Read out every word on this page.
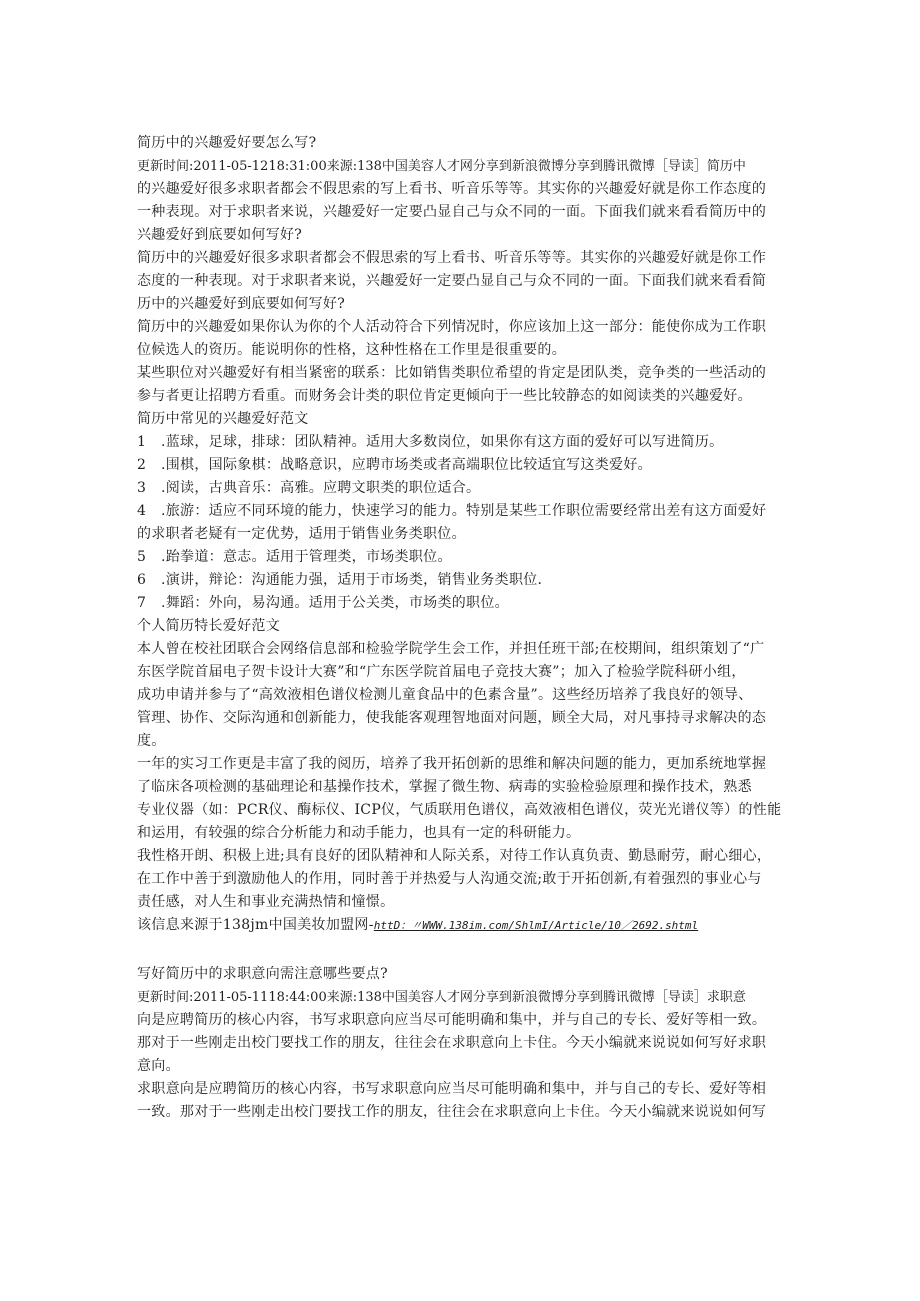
简历中的兴趣爱好要怎么写?
更新时间:2011-05-1218:31:00来源:138中国美容人才网分享到新浪微博分享到腾讯微博［导读］简历中
的兴趣爱好很多求职者都会不假思索的写上看书、听音乐等等。其实你的兴趣爱好就是你工作态度的
一种表现。对于求职者来说，兴趣爱好一定要凸显自己与众不同的一面。下面我们就来看看简历中的
兴趣爱好到底要如何写好?
简历中的兴趣爱好很多求职者都会不假思索的写上看书、听音乐等等。其实你的兴趣爱好就是你工作
态度的一种表现。对于求职者来说，兴趣爱好一定要凸显自己与众不同的一面。下面我们就来看看简
历中的兴趣爱好到底要如何写好?
简历中的兴趣爱如果你认为你的个人活动符合下列情况时，你应该加上这一部分：能使你成为工作职
位候选人的资历。能说明你的性格，这种性格在工作里是很重要的。
某些职位对兴趣爱好有相当紧密的联系：比如销售类职位希望的肯定是团队类，竞争类的一些活动的
参与者更让招聘方看重。而财务会计类的职位肯定更倾向于一些比较静态的如阅读类的兴趣爱好。
简历中常见的兴趣爱好范文
1 .蓝球，足球，排球：团队精神。适用大多数岗位，如果你有这方面的爱好可以写进简历。
2 .围棋，国际象棋：战略意识，应聘市场类或者高端职位比较适宜写这类爱好。
3 .阅读，古典音乐：高雅。应聘文职类的职位适合。
4 .旅游：适应不同环境的能力，快速学习的能力。特别是某些工作职位需要经常出差有这方面爱好
的求职者老疑有一定优势，适用于销售业务类职位。
5 .跆拳道：意志。适用于管理类，市场类职位。
6 .演讲，辩论：沟通能力强，适用于市场类，销售业务类职位.
7 .舞蹈：外向，易沟通。适用于公关类，市场类的职位。
个人简历特长爱好范文
本人曾在校社团联合会网络信息部和检验学院学生会工作，并担任班干部;在校期间，组织策划了“广
东医学院首届电子贺卡设计大赛”和“广东医学院首届电子竞技大赛”；加入了检验学院科研小组，
成功申请并参与了“高效液相色谱仪检测儿童食品中的色素含量”。这些经历培养了我良好的领导、
管理、协作、交际沟通和创新能力，使我能客观理智地面对问题，顾全大局，对凡事持寻求解决的态
度。
一年的实习工作更是丰富了我的阅历，培养了我开拓创新的思维和解决问题的能力，更加系统地掌握
了临床各项检测的基础理论和基操作技术，掌握了微生物、病毒的实验检验原理和操作技术，熟悉
专业仪器（如：PCR仪、酶标仪、ICP仪，气质联用色谱仪，高效液相色谱仪，荧光光谱仪等）的性能
和运用，有较强的综合分析能力和动手能力，也具有一定的科研能力。
我性格开朗、积极上进;具有良好的团队精神和人际关系，对待工作认真负责、勤恳耐劳，耐心细心，
在工作中善于到激励他人的作用，同时善于并热爱与人沟通交流;敢于开拓创新,有着强烈的事业心与
责任感，对人生和事业充满热情和憧憬。
该信息来源于138jm中国美妆加盟网-httD：〃WWW.138im.com/ShlmI/Article/10／2692.shtml
写好简历中的求职意向需注意哪些要点?
更新时间:2011-05-1118:44:00来源:138中国美容人才网分享到新浪微博分享到腾讯微博［导读］求职意
向是应聘简历的核心内容，书写求职意向应当尽可能明确和集中，并与自己的专长、爱好等相一致。
那对于一些刚走出校门要找工作的朋友，往往会在求职意向上卡住。今天小编就来说说如何写好求职
意向。
求职意向是应聘简历的核心内容，书写求职意向应当尽可能明确和集中，并与自己的专长、爱好等相
一致。那对于一些刚走出校门要找工作的朋友，往往会在求职意向上卡住。今天小编就来说说如何写
